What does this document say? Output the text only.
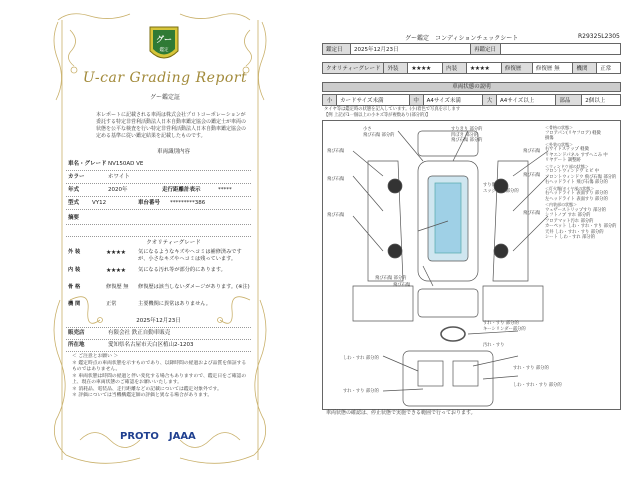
グー
鑑定
U-car Grading Report
グー鑑定証
本レポートに記載される車両は株式会社プロトコーポレーションが委託する特定非営利活動法人日本自動車鑑定協会の鑑定士が車両の状態を公平な検査を行い特定非営利活動法人日本自動車鑑定協会の定める基準に従い鑑定結果を記載したものです。
車両識別内容
車名・グレード NV150AD VE
カラー	ホワイト
年式	2020年	走行距離計表示	*****
型式	VY12	車台番号	*********386
摘要
クオリティーグレード
外 装	★★★★	気になるようなキズやヘコミは補修済みですが、小さなキズやヘコミは残っています。
内 装	★★★★	気になる汚れ等が部分的にあります。
骨 格	修復歴 無	修復歴は該当しないダメージがあります。(※注)
機 関	正常	主要機関に異常はありません。
2025年12月23日
販売店	有限会社 鉄正自動車販売
所在地	愛知県名古屋市天白区植山2-1203
＜ ご注意とお願い ＞
＊ 鑑定時点の車両状態を示すものであり、以降時間の経過および品質を保証するものではありません。
＊ 車両状態は時間の経過と伴い変化する場合もありますので、鑑定日をご確認の上、現在の車両状態のご確認をお願いいたします。
＊ 消耗品、電装品、走行距離などの記載については鑑定対象外です。
＊ 評価については当機構鑑定師の評価と異なる場合があります。
PROTO JAAA
グー鑑定　コンディションチェックシート	R29325L2305
鑑定日	2025年12月23日	再鑑定日	
クオリティーグレード	外装	★★★★	内装	★★★★	修復歴	修復歴 無	機関	正常
車両状態の説明
小	カードサイズ未満	中	A4サイズ未満	大	A4サイズ以上	部品	2個以上
タイヤ等は鑑定時の状態を記入しています。(小)着色で写真を示します
【例 上記が1一個以上の小キズ等が複数あり(部分的)】
小さ
飛び石傷 部分的
すりきり 部分的
凹ぼき 部分的
飛び石傷 部分的
飛び石傷
飛び石傷
飛び石傷
すり傷
エッジすり 部分的
飛び石傷
飛び石傷
飛び石傷
飛び石傷 部分的
飛び石傷
すれ・すり 部分的
キーシリンダー部分的
汚れ・すり
しわ・すれ 部分的
すれ・すり 部分的
しわ・すれ・すり 部分的
すれ・すり 部分的
＜骨格の状態＞
フロアパン(リヤフロア) 軽微
損傷
＜外装の状態＞
右サイドステップ 軽微
リヤエンドパネル すずへこみ 中
リヤゲート 調整跡
＜ウィンドウ部の状態＞
フロントウィンドウ ヒビ 中
フロントウィンドウ 飛び石傷 部分的
右ヘッドライト 飛び石傷 部分的
＜灯火類/タイヤ部の状態＞
右ヘッドライト 表面すり 部分的
左ヘッドライト 表面すり 部分的
＜内装部の状態＞
ウェザーストリップすり 部分的
シフトノブ すれ 部分的
フロアマット汚れ 部分的
カーペット しわ・すれ・すり 部分的
天井 しわ・すれ・すり 部分的
シート しわ・すれ 部分的
車両状態の確認は、停止状態で実施できる範囲で行っております。
